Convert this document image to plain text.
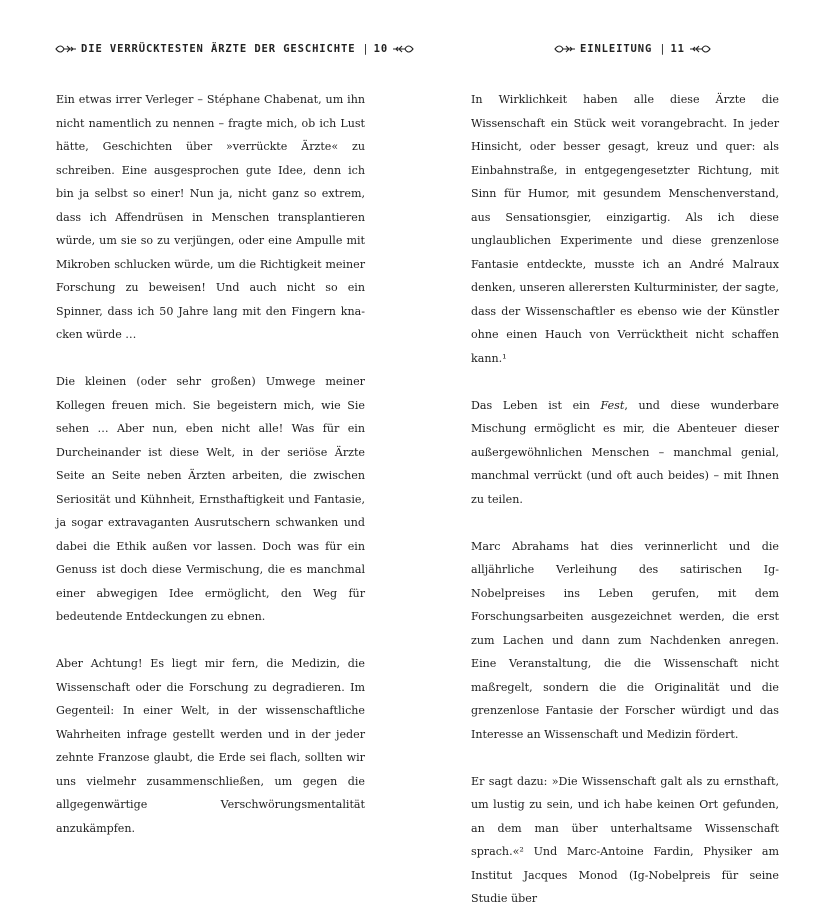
DIE VERRÜCKTESTEN ÄRZTE DER GESCHICHTE | 10

Ein etwas irrer Verleger – Stéphane Chabenat, um ihn nicht namentlich zu nennen – fragte mich, ob ich Lust hätte, Geschichten über »verrückte Ärzte« zu schreiben. Eine ausgesprochen gute Idee, denn ich bin ja selbst so einer! Nun ja, nicht ganz so extrem, dass ich Affendrüsen in Menschen transplantieren würde, um sie so zu verjüngen, oder eine Ampulle mit Mikroben schlucken würde, um die Richtigkeit meiner Forschung zu beweisen! Und auch nicht so ein Spinner, dass ich 50 Jahre lang mit den Fingern knacken würde …

Die kleinen (oder sehr großen) Umwege meiner Kollegen freuen mich. Sie begeistern mich, wie Sie sehen … Aber nun, eben nicht alle! Was für ein Durcheinander ist diese Welt, in der seriöse Ärzte Seite an Seite neben Ärzten arbeiten, die zwischen Seriosität und Kühnheit, Ernsthaftigkeit und Fantasie, ja sogar extravaganten Ausrutschern schwanken und dabei die Ethik außen vor lassen. Doch was für ein Genuss ist doch diese Vermischung, die es manchmal einer abwegigen Idee ermöglicht, den Weg für bedeutende Entdeckungen zu ebnen.

Aber Achtung! Es liegt mir fern, die Medizin, die Wissenschaft oder die Forschung zu degradieren. Im Gegenteil: In einer Welt, in der wissenschaftliche Wahrheiten infrage gestellt werden und in der jeder zehnte Franzose glaubt, die Erde sei flach, sollten wir uns vielmehr zusammenschließen, um gegen die allgegenwärtige Verschwörungsmentalität anzukämpfen.

EINLEITUNG | 11

In Wirklichkeit haben alle diese Ärzte die Wissenschaft ein Stück weit vorangebracht. In jeder Hinsicht, oder besser gesagt, kreuz und quer: als Einbahnstraße, in entgegengesetzter Richtung, mit Sinn für Humor, mit gesundem Menschenverstand, aus Sensationsgier, einzigartig. Als ich diese unglaublichen Experimente und diese grenzenlose Fantasie entdeckte, musste ich an André Malraux denken, unseren allerersten Kulturminister, der sagte, dass der Wissenschaftler es ebenso wie der Künstler ohne einen Hauch von Verrücktheit nicht schaffen kann.¹

Das Leben ist ein Fest, und diese wunderbare Mischung ermöglicht es mir, die Abenteuer dieser außergewöhnlichen Menschen – manchmal genial, manchmal verrückt (und oft auch beides) – mit Ihnen zu teilen.

Marc Abrahams hat dies verinnerlicht und die alljährliche Verleihung des satirischen Ig-Nobelpreises ins Leben gerufen, mit dem Forschungsarbeiten ausgezeichnet werden, die erst zum Lachen und dann zum Nachdenken anregen. Eine Veranstaltung, die die Wissenschaft nicht maßregelt, sondern die die Originalität und die grenzenlose Fantasie der Forscher würdigt und das Interesse an Wissenschaft und Medizin fördert.

Er sagt dazu: »Die Wissenschaft galt als zu ernsthaft, um lustig zu sein, und ich habe keinen Ort gefunden, an dem man über unterhaltsame Wissenschaft sprach.«² Und Marc-Antoine Fardin, Physiker am Institut Jacques Monod (Ig-Nobelpreis für seine Studie über
